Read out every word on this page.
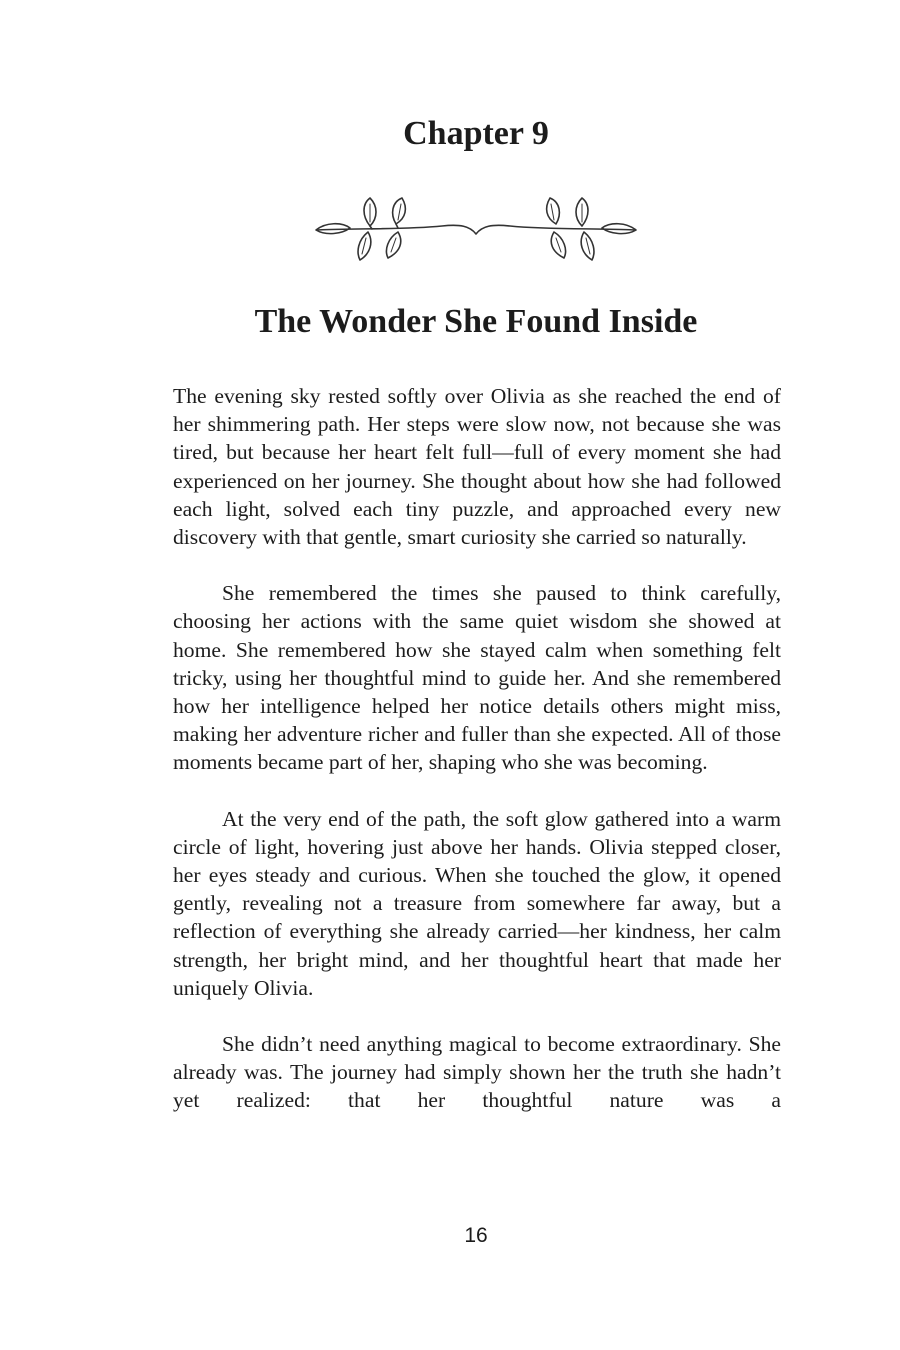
Chapter 9
The Wonder She Found Inside

The evening sky rested softly over Olivia as she reached the end of her shimmering path. Her steps were slow now, not because she was tired, but because her heart felt full—full of every moment she had experienced on her journey. She thought about how she had followed each light, solved each tiny puzzle, and approached every new discovery with that gentle, smart curiosity she carried so naturally.

She remembered the times she paused to think carefully, choosing her actions with the same quiet wisdom she showed at home. She remembered how she stayed calm when something felt tricky, using her thoughtful mind to guide her. And she remembered how her intelligence helped her notice details others might miss, making her adventure richer and fuller than she expected. All of those moments became part of her, shaping who she was becoming.

At the very end of the path, the soft glow gathered into a warm circle of light, hovering just above her hands. Olivia stepped closer, her eyes steady and curious. When she touched the glow, it opened gently, revealing not a treasure from somewhere far away, but a reflection of everything she already carried—her kindness, her calm strength, her bright mind, and her thoughtful heart that made her uniquely Olivia.

She didn’t need anything magical to become extraordinary. She already was. The journey had simply shown her the truth she hadn’t yet realized: that her thoughtful nature was a

16
